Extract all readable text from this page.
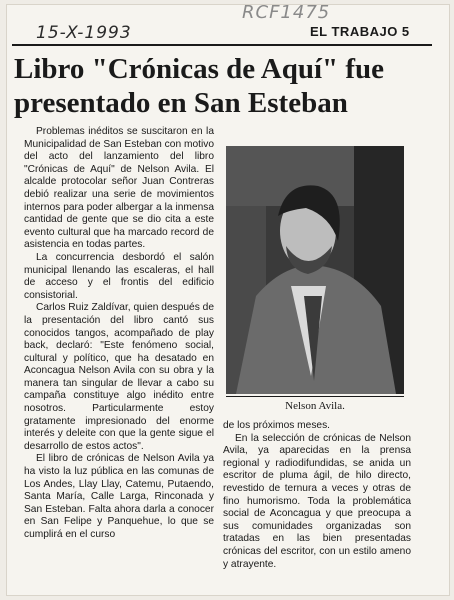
RCF1475
15-X-1993	EL TRABAJO 5
Libro "Crónicas de Aquí" fue presentado en San Esteban

Problemas inéditos se suscitaron en la Municipalidad de San Esteban con motivo del acto del lanzamiento del libro "Crónicas de Aquí" de Nelson Avila. El alcalde protocolar señor Juan Contreras debió realizar una serie de movimientos internos para poder albergar a la inmensa cantidad de gente que se dio cita a este evento cultural que ha marcado record de asistencia en todas partes.

La concurrencia desbordó el salón municipal llenando las escaleras, el hall de acceso y el frontis del edificio consistorial.

Carlos Ruiz Zaldívar, quien después de la presentación del libro cantó sus conocidos tangos, acompañado de play back, declaró: "Este fenómeno social, cultural y político, que ha desatado en Aconcagua Nelson Avila con su obra y la manera tan singular de llevar a cabo su campaña constituye algo inédito entre nosotros. Particularmente estoy gratamente impresionado del enorme interés y deleite con que la gente sigue el desarrollo de estos actos".

El libro de crónicas de Nelson Avila ya ha visto la luz pública en las comunas de Los Andes, Llay Llay, Catemu, Putaendo, Santa María, Calle Larga, Rinconada y San Esteban. Falta ahora darla a conocer en San Felipe y Panquehue, lo que se cumplirá en el curso

Nelson Avila.

de los próximos meses.

En la selección de crónicas de Nelson Avila, ya aparecidas en la prensa regional y radiodifundidas, se anida un escritor de pluma ágil, de hilo directo, revestido de ternura a veces y otras de fino humorismo. Toda la problemática social de Aconcagua y que preocupa a sus comunidades organizadas son tratadas en las bien presentadas crónicas del escritor, con un estilo ameno y atrayente.
